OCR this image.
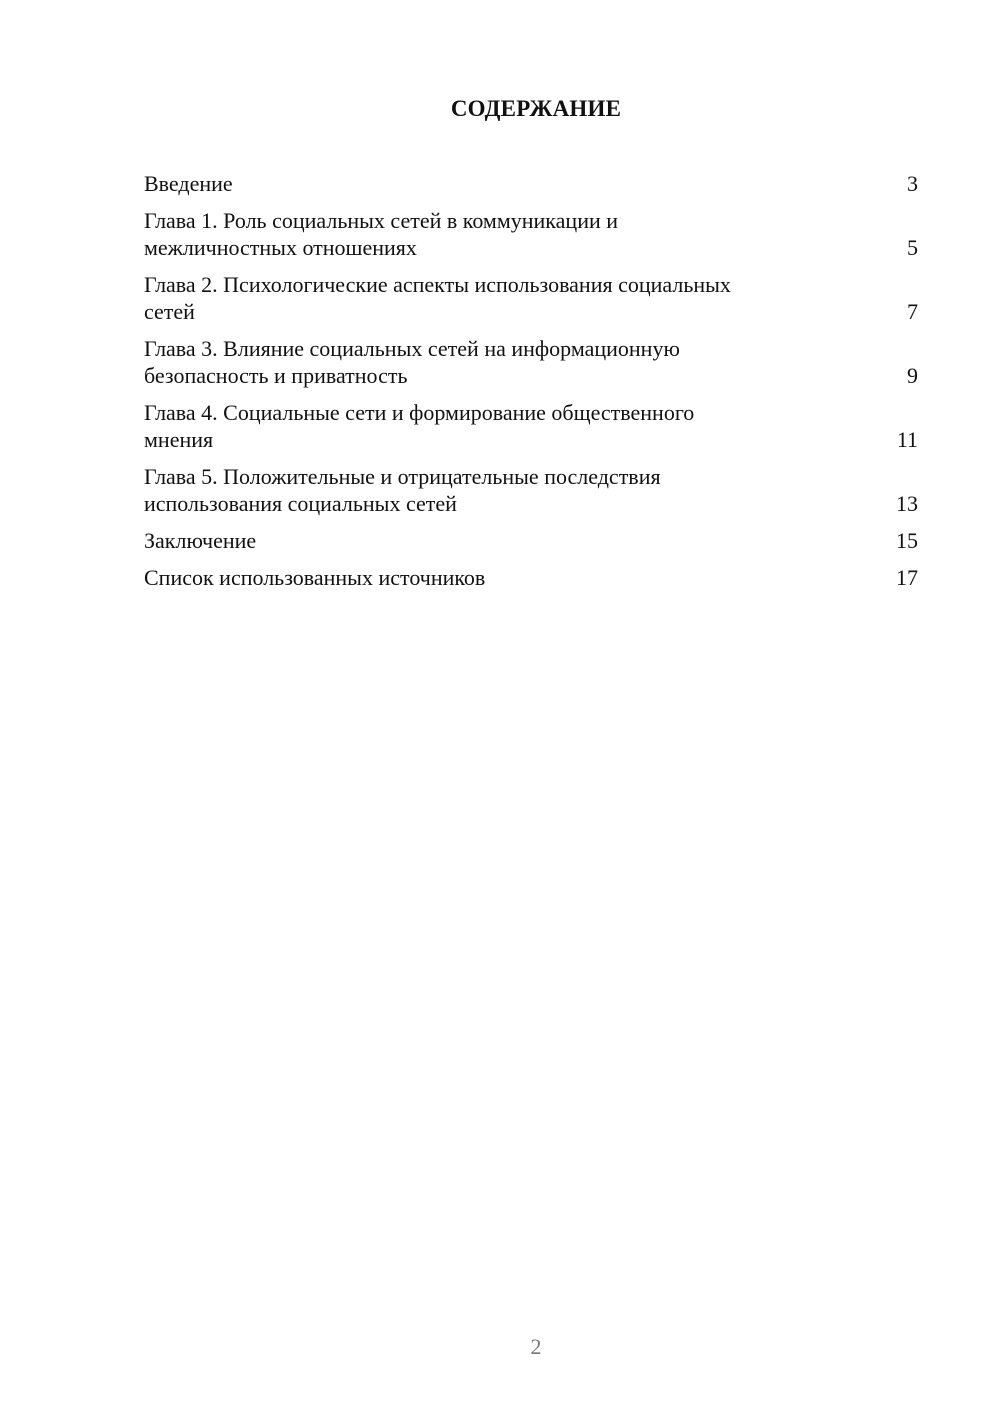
СОДЕРЖАНИЕ
Введение	3
Глава 1. Роль социальных сетей в коммуникации и
межличностных отношениях	5
Глава 2. Психологические аспекты использования социальных
сетей	7
Глава 3. Влияние социальных сетей на информационную
безопасность и приватность	9
Глава 4. Социальные сети и формирование общественного
мнения	11
Глава 5. Положительные и отрицательные последствия
использования социальных сетей	13
Заключение	15
Список использованных источников	17
2
